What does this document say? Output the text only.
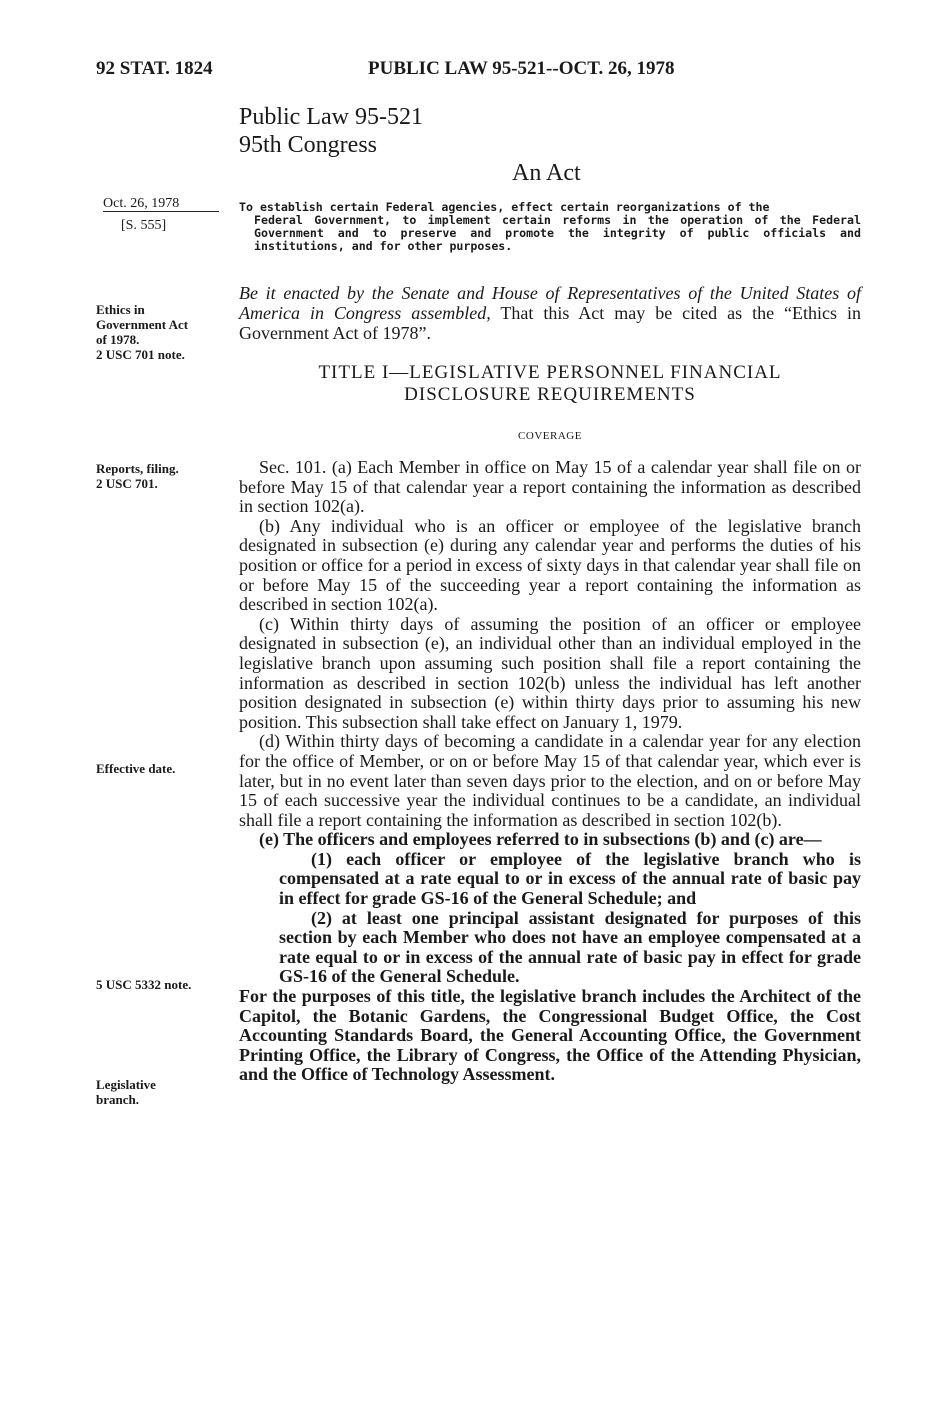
92 STAT. 1824	PUBLIC LAW 95-521--OCT. 26, 1978
Public Law 95-521
95th Congress
An Act
Oct. 26, 1978
[S. 555]
Ethics in
Government Act
of 1978.
2 USC 701 note.
Reports, filing.
2 USC 701.
Effective date.
5 USC 5332 note.
Legislative
branch.
To establish certain Federal agencies, effect certain reorganizations of the
Federal Government, to implement certain reforms in the operation of the Federal Government and to preserve and promote the integrity of public officials and institutions, and for other purposes.
Be it enacted by the Senate and House of Representatives of the United States of America in Congress assembled, That this Act may be cited as the “Ethics in Government Act of 1978”.
TITLE I—LEGISLATIVE PERSONNEL FINANCIAL
DISCLOSURE REQUIREMENTS
COVERAGE

Sec. 101. (a) Each Member in office on May 15 of a calendar year shall file on or before May 15 of that calendar year a report containing the information as described in section 102(a).

(b) Any individual who is an officer or employee of the legislative branch designated in subsection (e) during any calendar year and performs the duties of his position or office for a period in excess of sixty days in that calendar year shall file on or before May 15 of the succeeding year a report containing the information as described in section 102(a).

(c) Within thirty days of assuming the position of an officer or employee designated in subsection (e), an individual other than an individual employed in the legislative branch upon assuming such position shall file a report containing the information as described in section 102(b) unless the individual has left another position designated in subsection (e) within thirty days prior to assuming his new position. This subsection shall take effect on January 1, 1979.

(d) Within thirty days of becoming a candidate in a calendar year for any election for the office of Member, or on or before May 15 of that calendar year, which ever is later, but in no event later than seven days prior to the election, and on or before May 15 of each successive year the individual continues to be a candidate, an individual shall file a report containing the information as described in section 102(b).

(e) The officers and employees referred to in subsections (b) and (c) are—

(1) each officer or employee of the legislative branch who is compensated at a rate equal to or in excess of the annual rate of basic pay in effect for grade GS-16 of the General Schedule; and

(2) at least one principal assistant designated for purposes of this section by each Member who does not have an employee compensated at a rate equal to or in excess of the annual rate of basic pay in effect for grade GS-16 of the General Schedule.

For the purposes of this title, the legislative branch includes the Architect of the Capitol, the Botanic Gardens, the Congressional Budget Office, the Cost Accounting Standards Board, the General Accounting Office, the Government Printing Office, the Library of Congress, the Office of the Attending Physician, and the Office of Technology Assessment.
